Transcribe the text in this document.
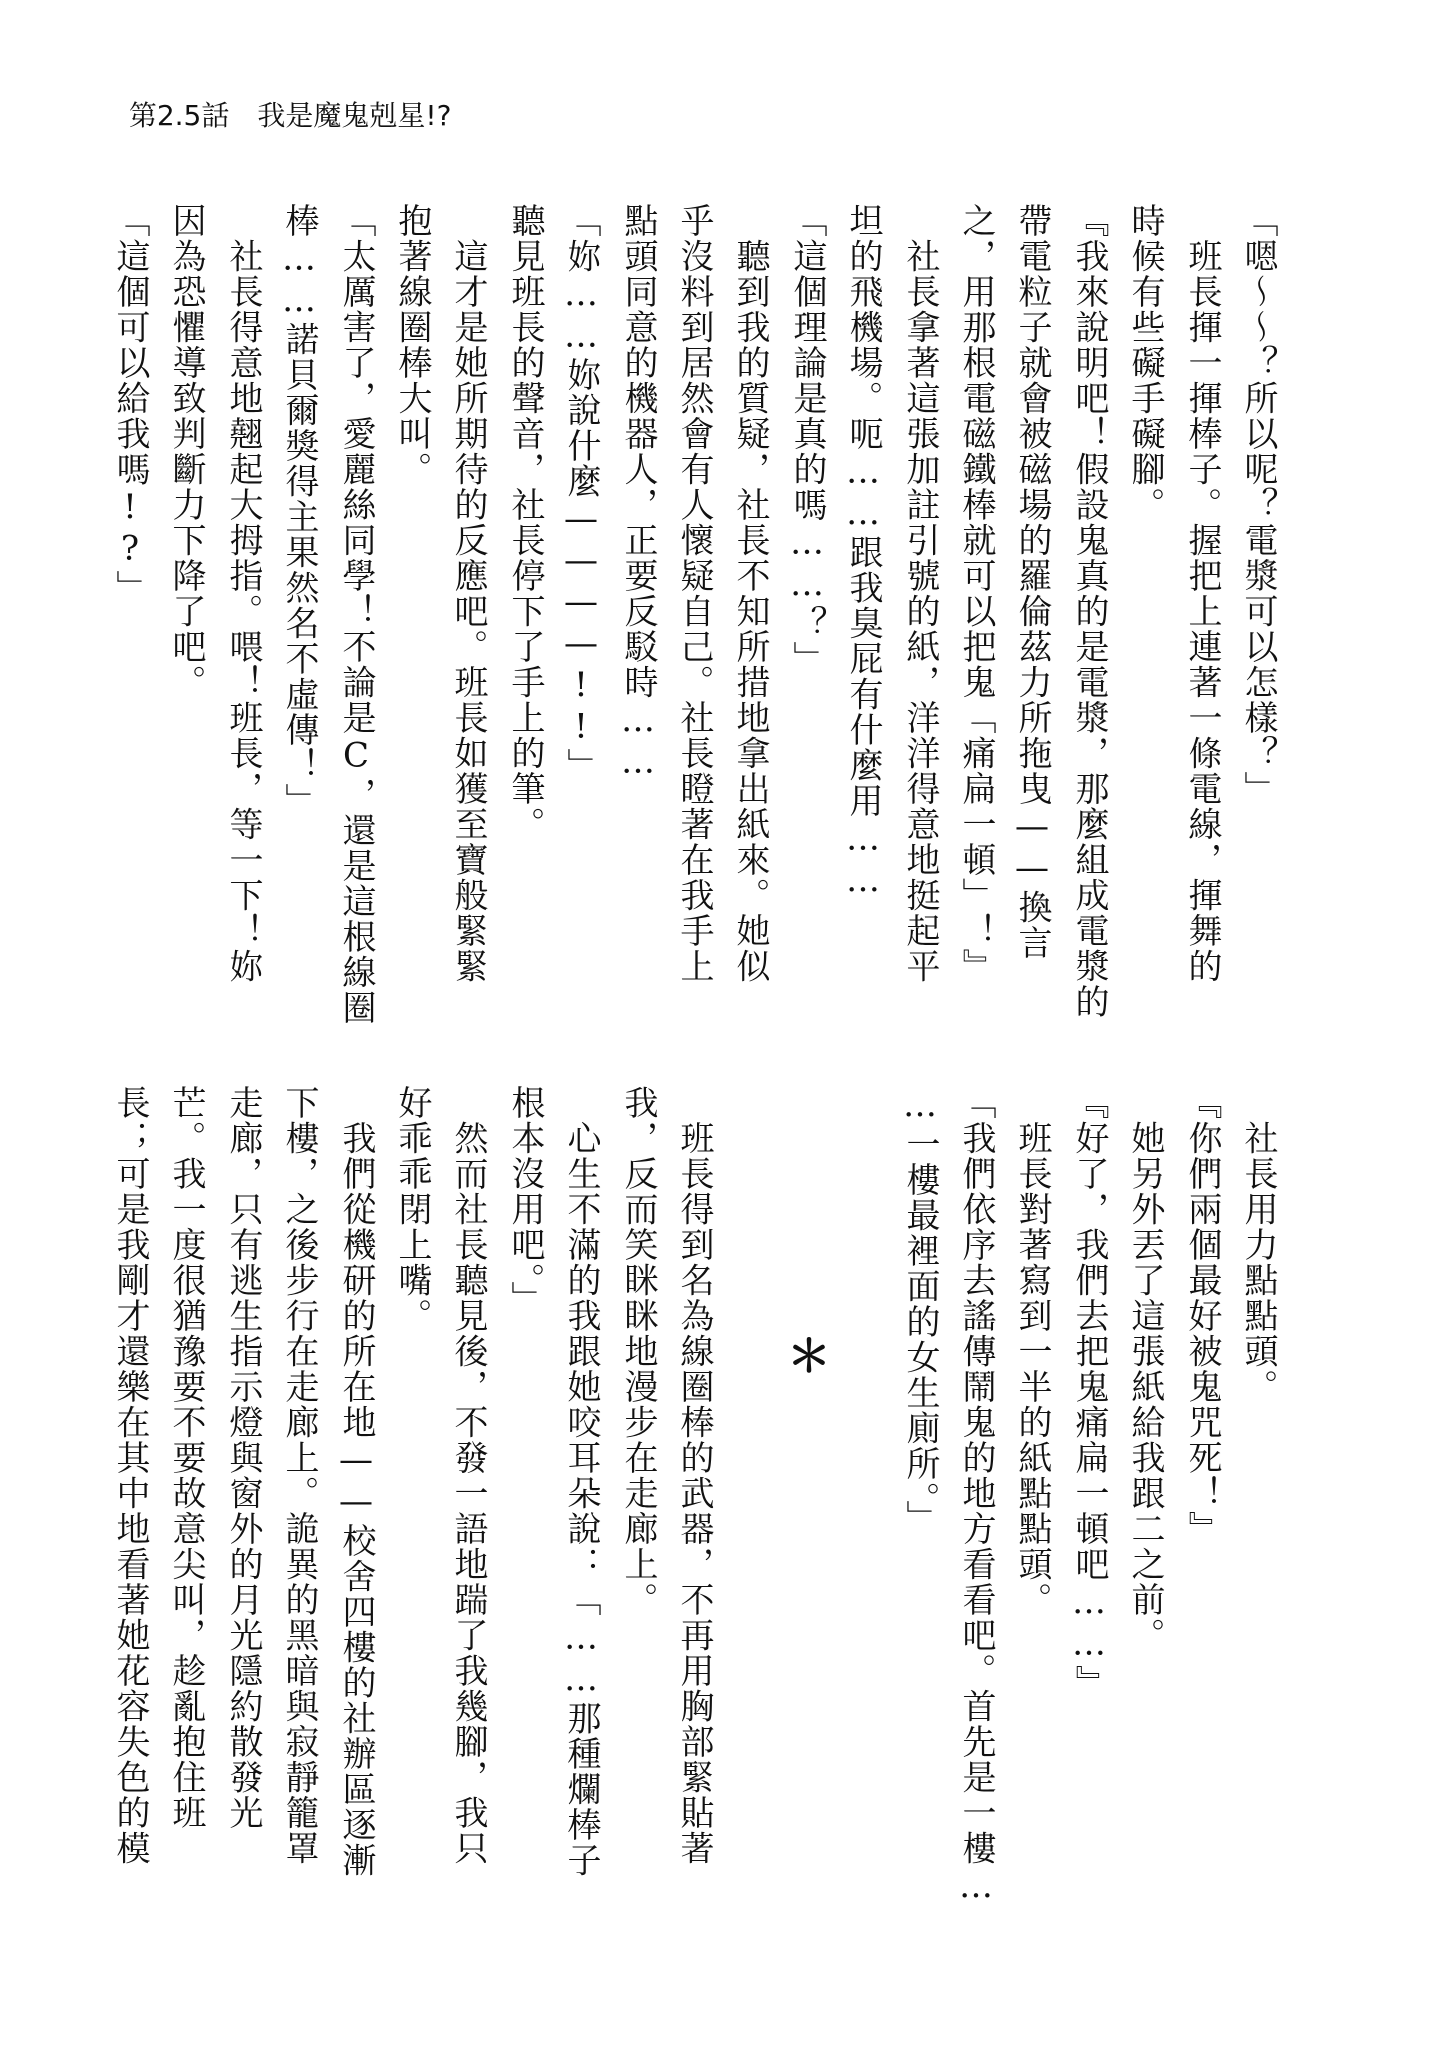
第2.5話　 我是魔鬼剋星!?

「嗯～～？所以呢？電漿可以怎樣？」
　班長揮一揮棒子。握把上連著一條電線，揮舞的
時候有些礙手礙腳。
『我來說明吧！假設鬼真的是電漿，那麼組成電漿的
帶電粒子就會被磁場的羅倫茲力所拖曳——換言
之，用那根電磁鐵棒就可以把鬼「痛扁一頓」！』
　社長拿著這張加註引號的紙，洋洋得意地挺起平
坦的飛機場。呃……跟我臭屁有什麼用……
「這個理論是真的嗎……？」
　聽到我的質疑，社長不知所措地拿出紙來。她似
乎沒料到居然會有人懷疑自己。社長瞪著在我手上
點頭同意的機器人，正要反駁時……
「妳……妳說什麼————!!」
聽見班長的聲音，社長停下了手上的筆。
　這才是她所期待的反應吧。班長如獲至寶般緊緊
抱著線圈棒大叫。
「太厲害了，愛麗絲同學！不論是C，還是這根線圈
棒……諾貝爾獎得主果然名不虛傳！」
　社長得意地翹起大拇指。喂！班長，等一下！妳
因為恐懼導致判斷力下降了吧。
「這個可以給我嗎!?」
　社長用力點點頭。
『你們兩個最好被鬼咒死！』
　她另外丟了這張紙給我跟二之前。
『好了，我們去把鬼痛扁一頓吧……』
　班長對著寫到一半的紙點點頭。
「我們依序去謠傳鬧鬼的地方看看吧。首先是一樓…
…一樓最裡面的女生廁所。」
＊
　班長得到名為線圈棒的武器，不再用胸部緊貼著
我，反而笑眯眯地漫步在走廊上。
　心生不滿的我跟她咬耳朵說：「……那種爛棒子
根本沒用吧。」
　然而社長聽見後，不發一語地踹了我幾腳，我只
好乖乖閉上嘴。
　我們從機研的所在地——校舍四樓的社辦區逐漸
下樓，之後步行在走廊上。詭異的黑暗與寂靜籠罩
走廊，只有逃生指示燈與窗外的月光隱約散發光
芒。我一度很猶豫要不要故意尖叫，趁亂抱住班
長；可是我剛才還樂在其中地看著她花容失色的模
